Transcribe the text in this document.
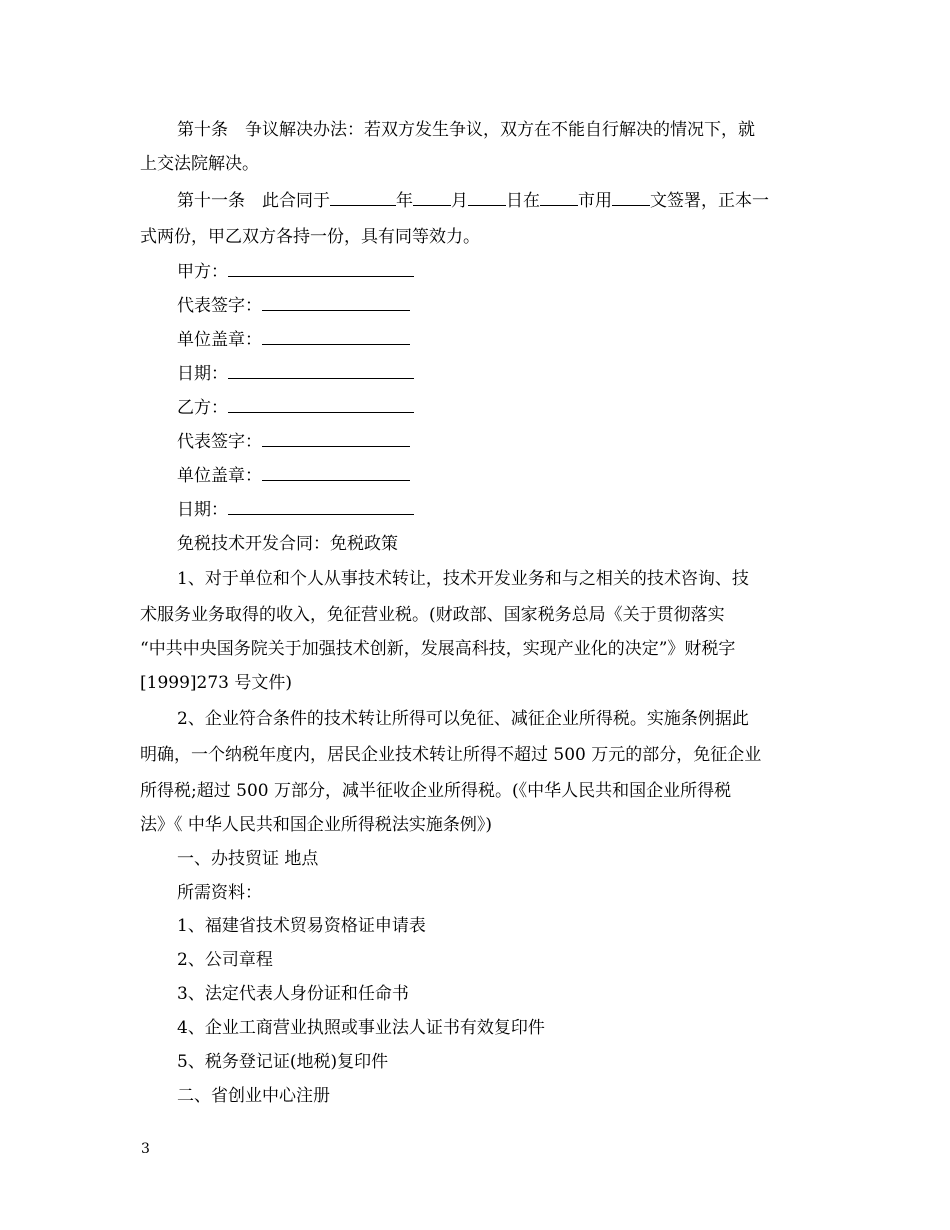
第十条　争议解决办法：若双方发生争议，双方在不能自行解决的情况下，就
上交法院解决。
第十一条　此合同于	年 月 日在 市用 文签署，正本一
式两份，甲乙双方各持一份，具有同等效力。
甲方：
代表签字：
单位盖章：
日期：
乙方：
代表签字：
单位盖章：
日期：
免税技术开发合同：免税政策
1、对于单位和个人从事技术转让，技术开发业务和与之相关的技术咨询、技
术服务业务取得的收入，免征营业税。(财政部、国家税务总局《关于贯彻落实
“中共中央国务院关于加强技术创新，发展高科技，实现产业化的决定”》财税字
[1999]273 号文件)
2、企业符合条件的技术转让所得可以免征、减征企业所得税。实施条例据此
明确，一个纳税年度内，居民企业技术转让所得不超过 500 万元的部分，免征企业
所得税;超过 500 万部分，减半征收企业所得税。(《中华人民共和国企业所得税
法》《 中华人民共和国企业所得税法实施条例》)
一、办技贸证 地点
所需资料：
1、福建省技术贸易资格证申请表
2、公司章程
3、法定代表人身份证和任命书
4、企业工商营业执照或事业法人证书有效复印件
5、税务登记证(地税)复印件
二、省创业中心注册
3
